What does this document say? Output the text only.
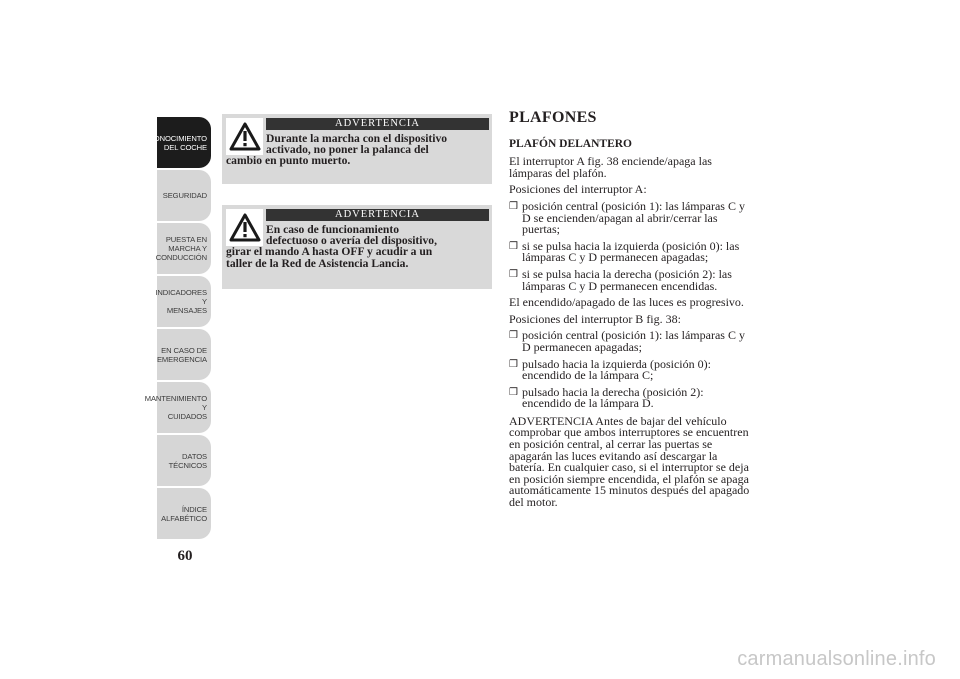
CONOCIMIENTO
DEL COCHE
SEGURIDAD
PUESTA EN
MARCHA Y
CONDUCCIÓN
INDICADORES Y
MENSAJES
EN CASO DE
EMERGENCIA
MANTENIMIENTO Y
CUIDADOS
DATOS TÉCNICOS
ÍNDICE
ALFABÉTICO
60
ADVERTENCIA
Durante la marcha con el dispositivo
activado, no poner la palanca del
cambio en punto muerto.
ADVERTENCIA
En caso de funcionamiento
defectuoso o avería del dispositivo,
girar el mando A hasta OFF y acudir a un
taller de la Red de Asistencia Lancia.
PLAFONES
PLAFÓN DELANTERO
El interruptor A fig. 38 enciende/apaga las
lámparas del plafón.
Posiciones del interruptor A:
❒ posición central (posición 1): las lámparas C y
D se encienden/apagan al abrir/cerrar las
puertas;
❒ si se pulsa hacia la izquierda (posición 0): las
lámparas C y D permanecen apagadas;
❒ si se pulsa hacia la derecha (posición 2): las
lámparas C y D permanecen encendidas.
El encendido/apagado de las luces es progresivo.
Posiciones del interruptor B fig. 38:
❒ posición central (posición 1): las lámparas C y
D permanecen apagadas;
❒ pulsado hacia la izquierda (posición 0):
encendido de la lámpara C;
❒ pulsado hacia la derecha (posición 2):
encendido de la lámpara D.
ADVERTENCIA Antes de bajar del vehículo
comprobar que ambos interruptores se encuentren
en posición central, al cerrar las puertas se
apagarán las luces evitando así descargar la
batería. En cualquier caso, si el interruptor se deja
en posición siempre encendida, el plafón se apaga
automáticamente 15 minutos después del apagado
del motor.
carmanualsonline.info
